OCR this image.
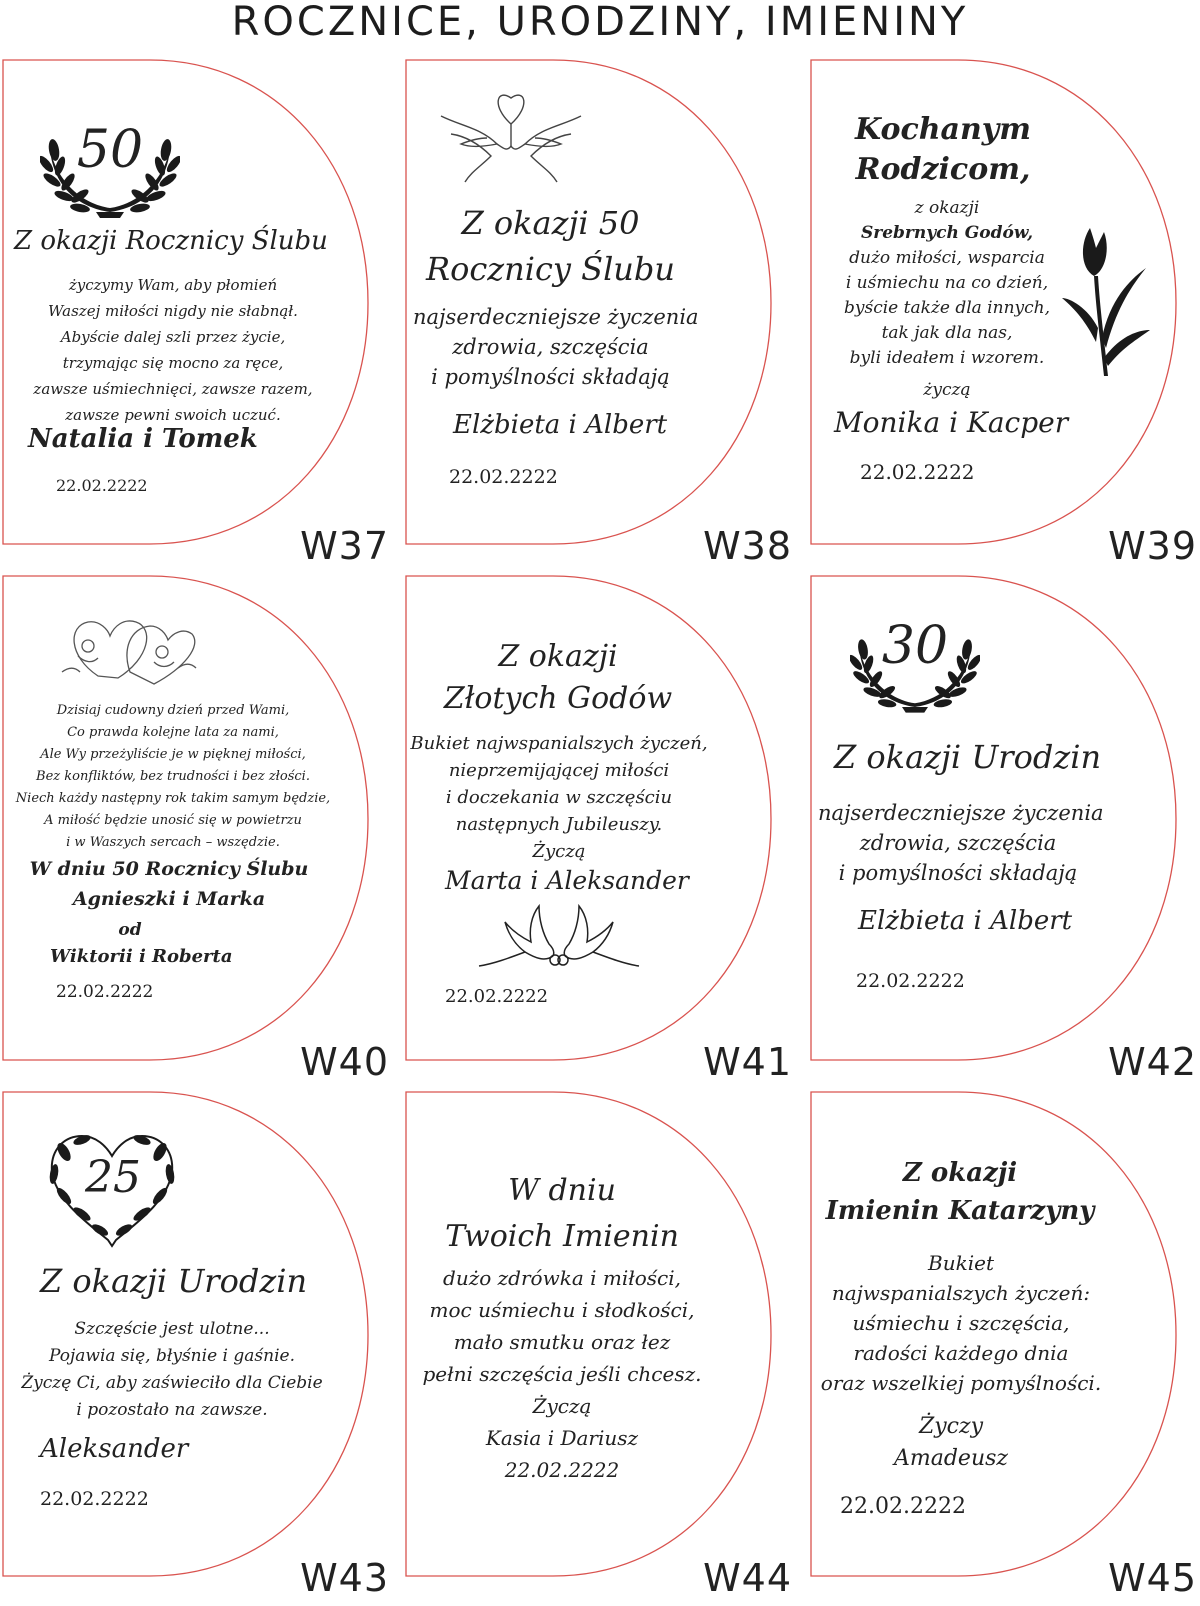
ROCZNICE, URODZINY, IMIENINY
50
Z okazji Rocznicy Ślubu
życzymy Wam, aby płomień
Waszej miłości nigdy nie słabnął.
Abyście dalej szli przez życie,
trzymając się mocno za ręce,
zawsze uśmiechnięci, zawsze razem,
zawsze pewni swoich uczuć.
Natalia i Tomek
22.02.2222
W37
Z okazji 50
Rocznicy Ślubu
najserdeczniejsze życzenia
zdrowia, szczęścia
i pomyślności składają
Elżbieta i Albert
22.02.2222
W38
Kochanym
Rodzicom,
z okazji
Srebrnych Godów,
dużo miłości, wsparcia
i uśmiechu na co dzień,
byście także dla innych,
tak jak dla nas,
byli ideałem i wzorem.
życzą
Monika i Kacper
22.02.2222
W39
Dzisiaj cudowny dzień przed Wami,
Co prawda kolejne lata za nami,
Ale Wy przeżyliście je w pięknej miłości,
Bez konfliktów, bez trudności i bez złości.
Niech każdy następny rok takim samym będzie,
A miłość będzie unosić się w powietrzu
i w Waszych sercach – wszędzie.
W dniu 50 Rocznicy Ślubu
Agnieszki i Marka
od
Wiktorii i Roberta
22.02.2222
W40
Z okazji
Złotych Godów
Bukiet najwspanialszych życzeń,
nieprzemijającej miłości
i doczekania w szczęściu
następnych Jubileuszy.
Życzą
Marta i Aleksander
22.02.2222
W41
30
Z okazji Urodzin
najserdeczniejsze życzenia
zdrowia, szczęścia
i pomyślności składają
Elżbieta i Albert
22.02.2222
W42
25
Z okazji Urodzin
Szczęście jest ulotne...
Pojawia się, błyśnie i gaśnie.
Życzę Ci, aby zaświeciło dla Ciebie
i pozostało na zawsze.
Aleksander
22.02.2222
W43
W dniu
Twoich Imienin
dużo zdrówka i miłości,
moc uśmiechu i słodkości,
mało smutku oraz łez
pełni szczęścia jeśli chcesz.
Życzą
Kasia i Dariusz
22.02.2222
W44
Z okazji
Imienin Katarzyny
Bukiet
najwspanialszych życzeń:
uśmiechu i szczęścia,
radości każdego dnia
oraz wszelkiej pomyślności.
Życzy
Amadeusz
22.02.2222
W45
